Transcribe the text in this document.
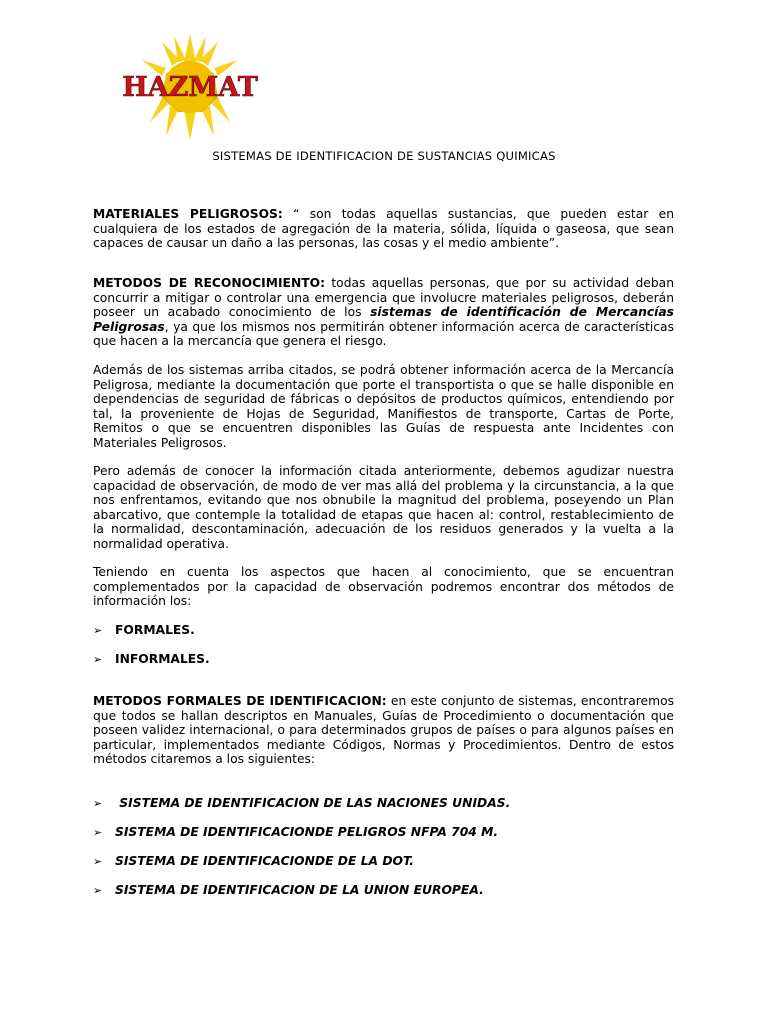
HAZMAT
SISTEMAS DE IDENTIFICACION DE SUSTANCIAS QUIMICAS

MATERIALES PELIGROSOS: “ son todas aquellas sustancias, que pueden estar en cualquiera de los estados de agregación de la materia, sólida, líquida o gaseosa, que sean capaces de causar un daño a las personas, las cosas y el medio ambiente”.

METODOS DE RECONOCIMIENTO: todas aquellas personas, que por su actividad deban concurrir a mitigar o controlar una emergencia que involucre materiales peligrosos, deberán poseer un acabado conocimiento de los sistemas de identificación de Mercancías Peligrosas, ya que los mismos nos permitirán obtener información acerca de características que hacen a la mercancía que genera el riesgo.

Además de los sistemas arriba citados, se podrá obtener información acerca de la Mercancía Peligrosa, mediante la documentación que porte el transportista o que se halle disponible en dependencias de seguridad de fábricas o depósitos de productos químicos, entendiendo por tal, la proveniente de Hojas de Seguridad, Manifiestos de transporte, Cartas de Porte, Remitos o que se encuentren disponibles las Guías de respuesta ante Incidentes con Materiales Peligrosos.

Pero además de conocer la información citada anteriormente, debemos agudizar nuestra capacidad de observación, de modo de ver mas allá del problema y la circunstancia, a la que nos enfrentamos, evitando que nos obnubile la magnitud del problema, poseyendo un Plan abarcativo, que contemple la totalidad de etapas que hacen al: control, restablecimiento de la normalidad, descontaminación, adecuación de los residuos generados y la vuelta a la normalidad operativa.

Teniendo en cuenta los aspectos que hacen al conocimiento, que se encuentran complementados por la capacidad de observación podremos encontrar dos métodos de información los:

➢ FORMALES.
➢ INFORMALES.

METODOS FORMALES DE IDENTIFICACION: en este conjunto de sistemas, encontraremos que todos se hallan descriptos en Manuales, Guías de Procedimiento o documentación que poseen validez internacional, o para determinados grupos de países o para algunos países en particular, implementados mediante Códigos, Normas y Procedimientos. Dentro de estos métodos citaremos a los siguientes:

➢ SISTEMA DE IDENTIFICACION DE LAS NACIONES UNIDAS.
➢ SISTEMA DE IDENTIFICACIONDE PELIGROS NFPA 704 M.
➢ SISTEMA DE IDENTIFICACIONDE DE LA DOT.
➢ SISTEMA DE IDENTIFICACION DE LA UNION EUROPEA.
